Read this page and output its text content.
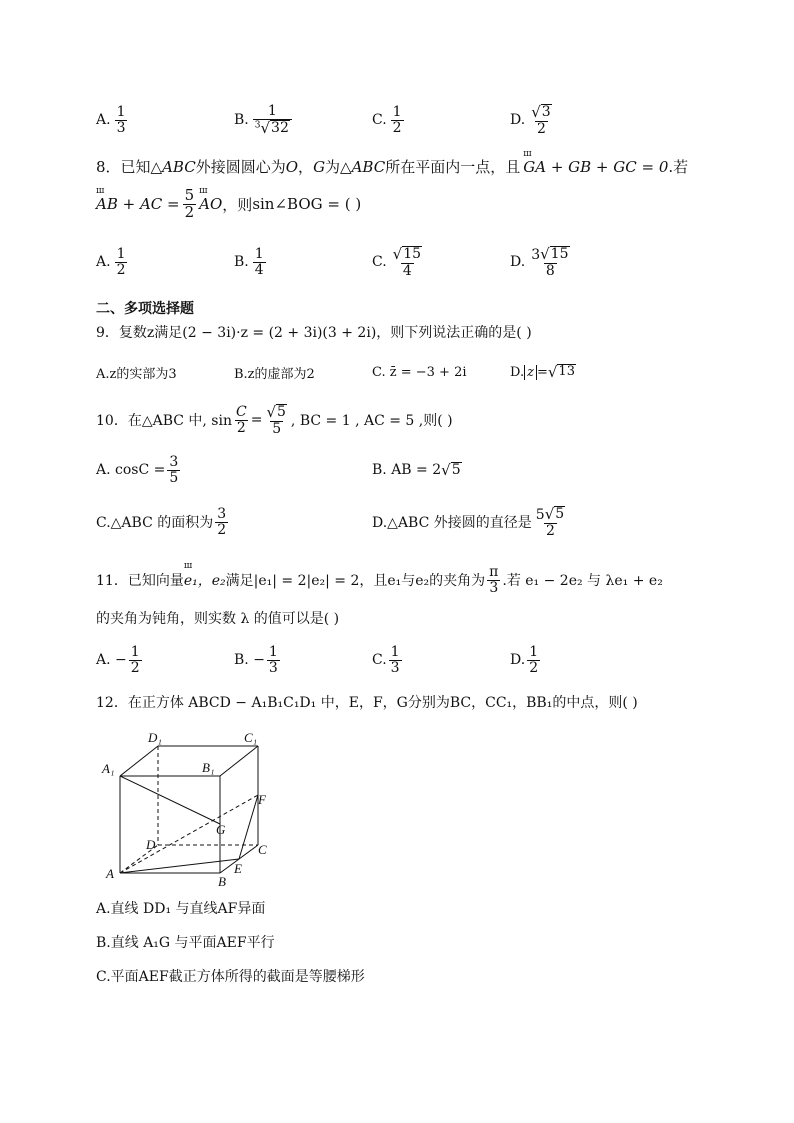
A. $\frac{1}{3}$	B. $\frac{1}{^3 √ 32}$	C. $\frac{1}{2}$	D. $\frac{√ 3}{2}$
8． 已知△ ABC 外接圆圆心为 O ， G 为△ ABC 所在平面内一点，且 ш GA + GB + GC = 0 .若
ш AB + AC = $\frac{5}{2}$ ш AO ，则 sin∠BOG = ( )
A. $\frac{1}{2}$	B. $\frac{1}{4}$	C. $\frac{√ 15}{4}$	D. $\frac{3 √ 15}{8}$
二、多项选择题
9．复数z满足(2 − 3i)·z = (2 + 3i)(3 + 2i)，则下列说法正确的是( )
A.z的实部为3	B.z的虚部为2	C. z̄ = −3 + 2i	D. z = √ 13
10．在△ABC 中, $\sin \frac{C}{2} = \frac{√ 5}{5}$ , BC = 1 , AC = 5 ,则( )
A. $\cos C = \frac{3}{5}$	B. AB = 2 √ 5
C.△ABC 的面积为 $\frac{3}{2}$	D.△ABC 外接圆的直径是 $\frac{5 √ 5}{2}$
11．已知向量 ш e₁，e₂ 满足|e₁| = 2|e₂| = 2，且 e₁与e₂的夹角为 $\frac{\pi}{3}$ .若 e₁ − 2e₂ 与 λe₁ + e₂
的夹角为钝角，则实数 λ 的值可以是( )
A. − $\frac{1}{2}$	B. − $\frac{1}{3}$	C. $\frac{1}{3}$	D. $\frac{1}{2}$
12．在正方体 ABCD − A₁B₁C₁D₁ 中，E，F，G分别为BC，CC₁，BB₁的中点，则( )
D₁	C₁
A₁	B₁
F
G
D	C
A	E
B
A.直线 DD₁ 与直线AF异面
B.直线 A₁G 与平面AEF平行
C.平面AEF截正方体所得的截面是等腰梯形
